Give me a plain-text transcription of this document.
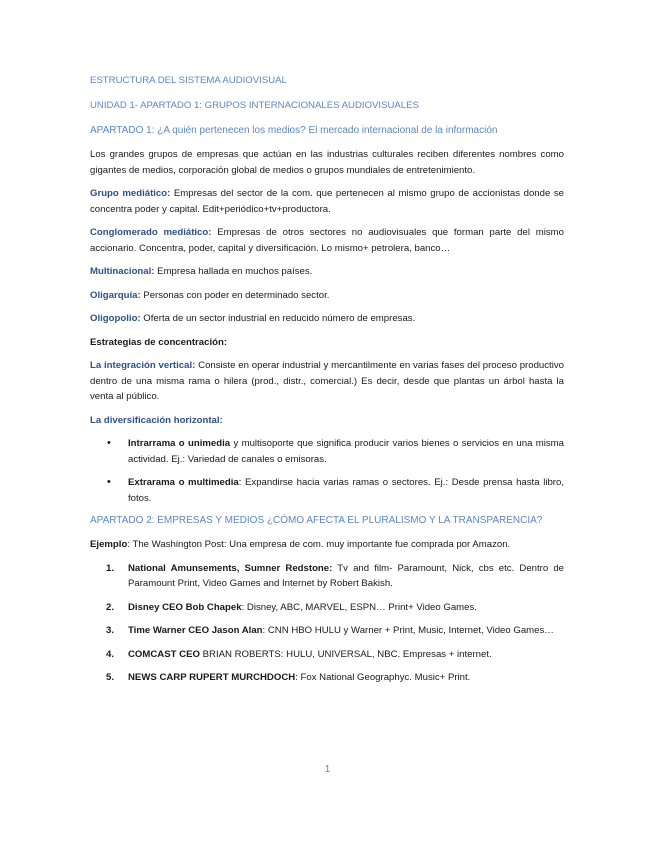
ESTRUCTURA DEL SISTEMA AUDIOVISUAL

UNIDAD 1- APARTADO 1: GRUPOS INTERNACIONALES AUDIOVISUALES

APARTADO 1: ¿A quién pertenecen los medios? El mercado internacional de la información

Los grandes grupos de empresas que actúan en las industrias culturales reciben diferentes nombres como gigantes de medios, corporación global de medios o grupos mundiales de entretenimiento.

Grupo mediático: Empresas del sector de la com. que pertenecen al mismo grupo de accionistas donde se concentra poder y capital. Edit+periódico+tv+productora.

Conglomerado mediático: Empresas de otros sectores no audiovisuales que forman parte del mismo accionario. Concentra, poder, capital y diversificación. Lo mismo+ petrolera, banco…

Multinacional: Empresa hallada en muchos países.

Oligarquía: Personas con poder en determinado sector.

Oligopolio: Oferta de un sector industrial en reducido número de empresas.

Estrategias de concentración:

La integración vertical: Consiste en operar industrial y mercantilmente en varias fases del proceso productivo dentro de una misma rama o hilera (prod., distr., comercial.) Es decir, desde que plantas un árbol hasta la venta al público.

La diversificación horizontal:

• Intrarrama o unimedia y multisoporte que significa producir varios bienes o servicios en una misma actividad. Ej.: Variedad de canales o emisoras.
• Extrarama o multimedia: Expandirse hacia varias ramas o sectores. Ej.: Desde prensa hasta libro, fotos.

APARTADO 2: EMPRESAS Y MEDIOS ¿CÓMO AFECTA EL PLURALISMO Y LA TRANSPARENCIA?

Ejemplo: The Washington Post: Una empresa de com. muy importante fue comprada por Amazon.

1. National Amunsements, Sumner Redstone: Tv and film- Paramount, Nick, cbs etc. Dentro de Paramount Print, Video Games and Internet by Robert Bakish.
2. Disney CEO Bob Chapek: Disney, ABC, MARVEL, ESPN… Print+ Video Games.
3. Time Warner CEO Jason Alan: CNN HBO HULU y Warner + Print, Music, Internet, Video Games…
4. COMCAST CEO BRIAN ROBERTS: HULU, UNIVERSAL, NBC. Empresas + internet.
5. NEWS CARP RUPERT MURCHDOCH: Fox National Geographyc. Music+ Print.
1
